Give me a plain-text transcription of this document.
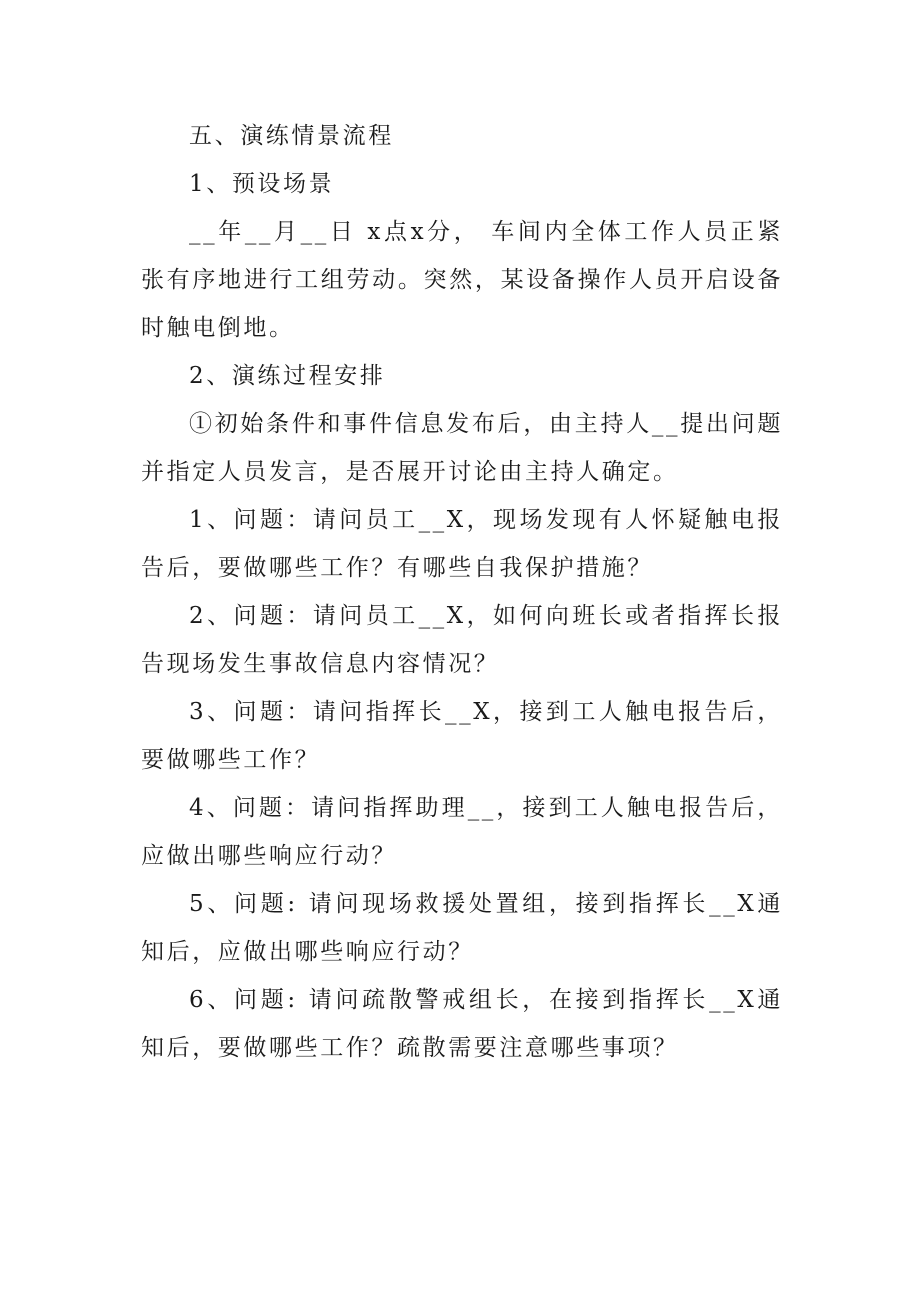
五、演练情景流程

1、预设场景

__年__月__日 x点x分， 车间内全体工作人员正紧张有序地进行工组劳动。突然，某设备操作人员开启设备时触电倒地。

2、演练过程安排

①初始条件和事件信息发布后，由主持人__提出问题并指定人员发言，是否展开讨论由主持人确定。

1、问题：请问员工__X，现场发现有人怀疑触电报告后，要做哪些工作？有哪些自我保护措施？

2、问题：请问员工__X，如何向班长或者指挥长报告现场发生事故信息内容情况？

3、问题：请问指挥长__X，接到工人触电报告后，要做哪些工作？

4、问题：请问指挥助理__，接到工人触电报告后，应做出哪些响应行动？

5、问题: 请问现场救援处置组，接到指挥长__X通知后，应做出哪些响应行动？

6、问题: 请问疏散警戒组长，在接到指挥长__X通知后，要做哪些工作？疏散需要注意哪些事项？
